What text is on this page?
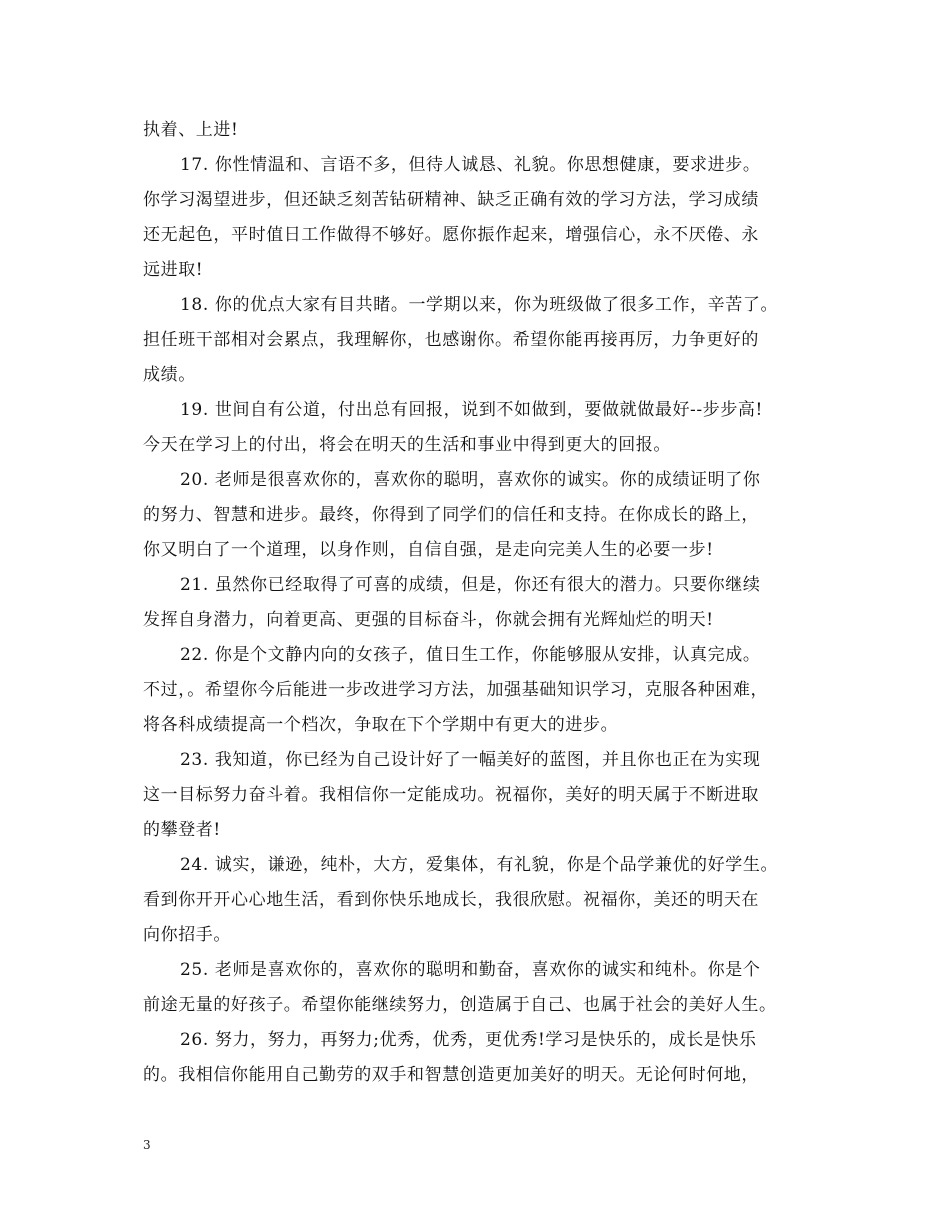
执着、上进!
17. 你性情温和、言语不多，但待人诚恳、礼貌。你思想健康，要求进步。
你学习渴望进步，但还缺乏刻苦钻研精神、缺乏正确有效的学习方法，学习成绩
还无起色，平时值日工作做得不够好。愿你振作起来，增强信心，永不厌倦、永
远进取!
18. 你的优点大家有目共睹。一学期以来，你为班级做了很多工作，辛苦了。
担任班干部相对会累点，我理解你，也感谢你。希望你能再接再厉，力争更好的
成绩。
19. 世间自有公道，付出总有回报，说到不如做到，要做就做最好--步步高!
今天在学习上的付出，将会在明天的生活和事业中得到更大的回报。
20. 老师是很喜欢你的，喜欢你的聪明，喜欢你的诚实。你的成绩证明了你
的努力、智慧和进步。最终，你得到了同学们的信任和支持。在你成长的路上，
你又明白了一个道理，以身作则，自信自强，是走向完美人生的必要一步!
21. 虽然你已经取得了可喜的成绩，但是，你还有很大的潜力。只要你继续
发挥自身潜力，向着更高、更强的目标奋斗，你就会拥有光辉灿烂的明天!
22. 你是个文静内向的女孩子，值日生工作，你能够服从安排，认真完成。
不过，。希望你今后能进一步改进学习方法，加强基础知识学习，克服各种困难，
将各科成绩提高一个档次，争取在下个学期中有更大的进步。
23. 我知道，你已经为自己设计好了一幅美好的蓝图，并且你也正在为实现
这一目标努力奋斗着。我相信你一定能成功。祝福你，美好的明天属于不断进取
的攀登者!
24. 诚实，谦逊，纯朴，大方，爱集体，有礼貌，你是个品学兼优的好学生。
看到你开开心心地生活，看到你快乐地成长，我很欣慰。祝福你，美还的明天在
向你招手。
25. 老师是喜欢你的，喜欢你的聪明和勤奋，喜欢你的诚实和纯朴。你是个
前途无量的好孩子。希望你能继续努力，创造属于自己、也属于社会的美好人生。
26. 努力，努力，再努力;优秀，优秀，更优秀!学习是快乐的，成长是快乐
的。我相信你能用自己勤劳的双手和智慧创造更加美好的明天。无论何时何地，
3
